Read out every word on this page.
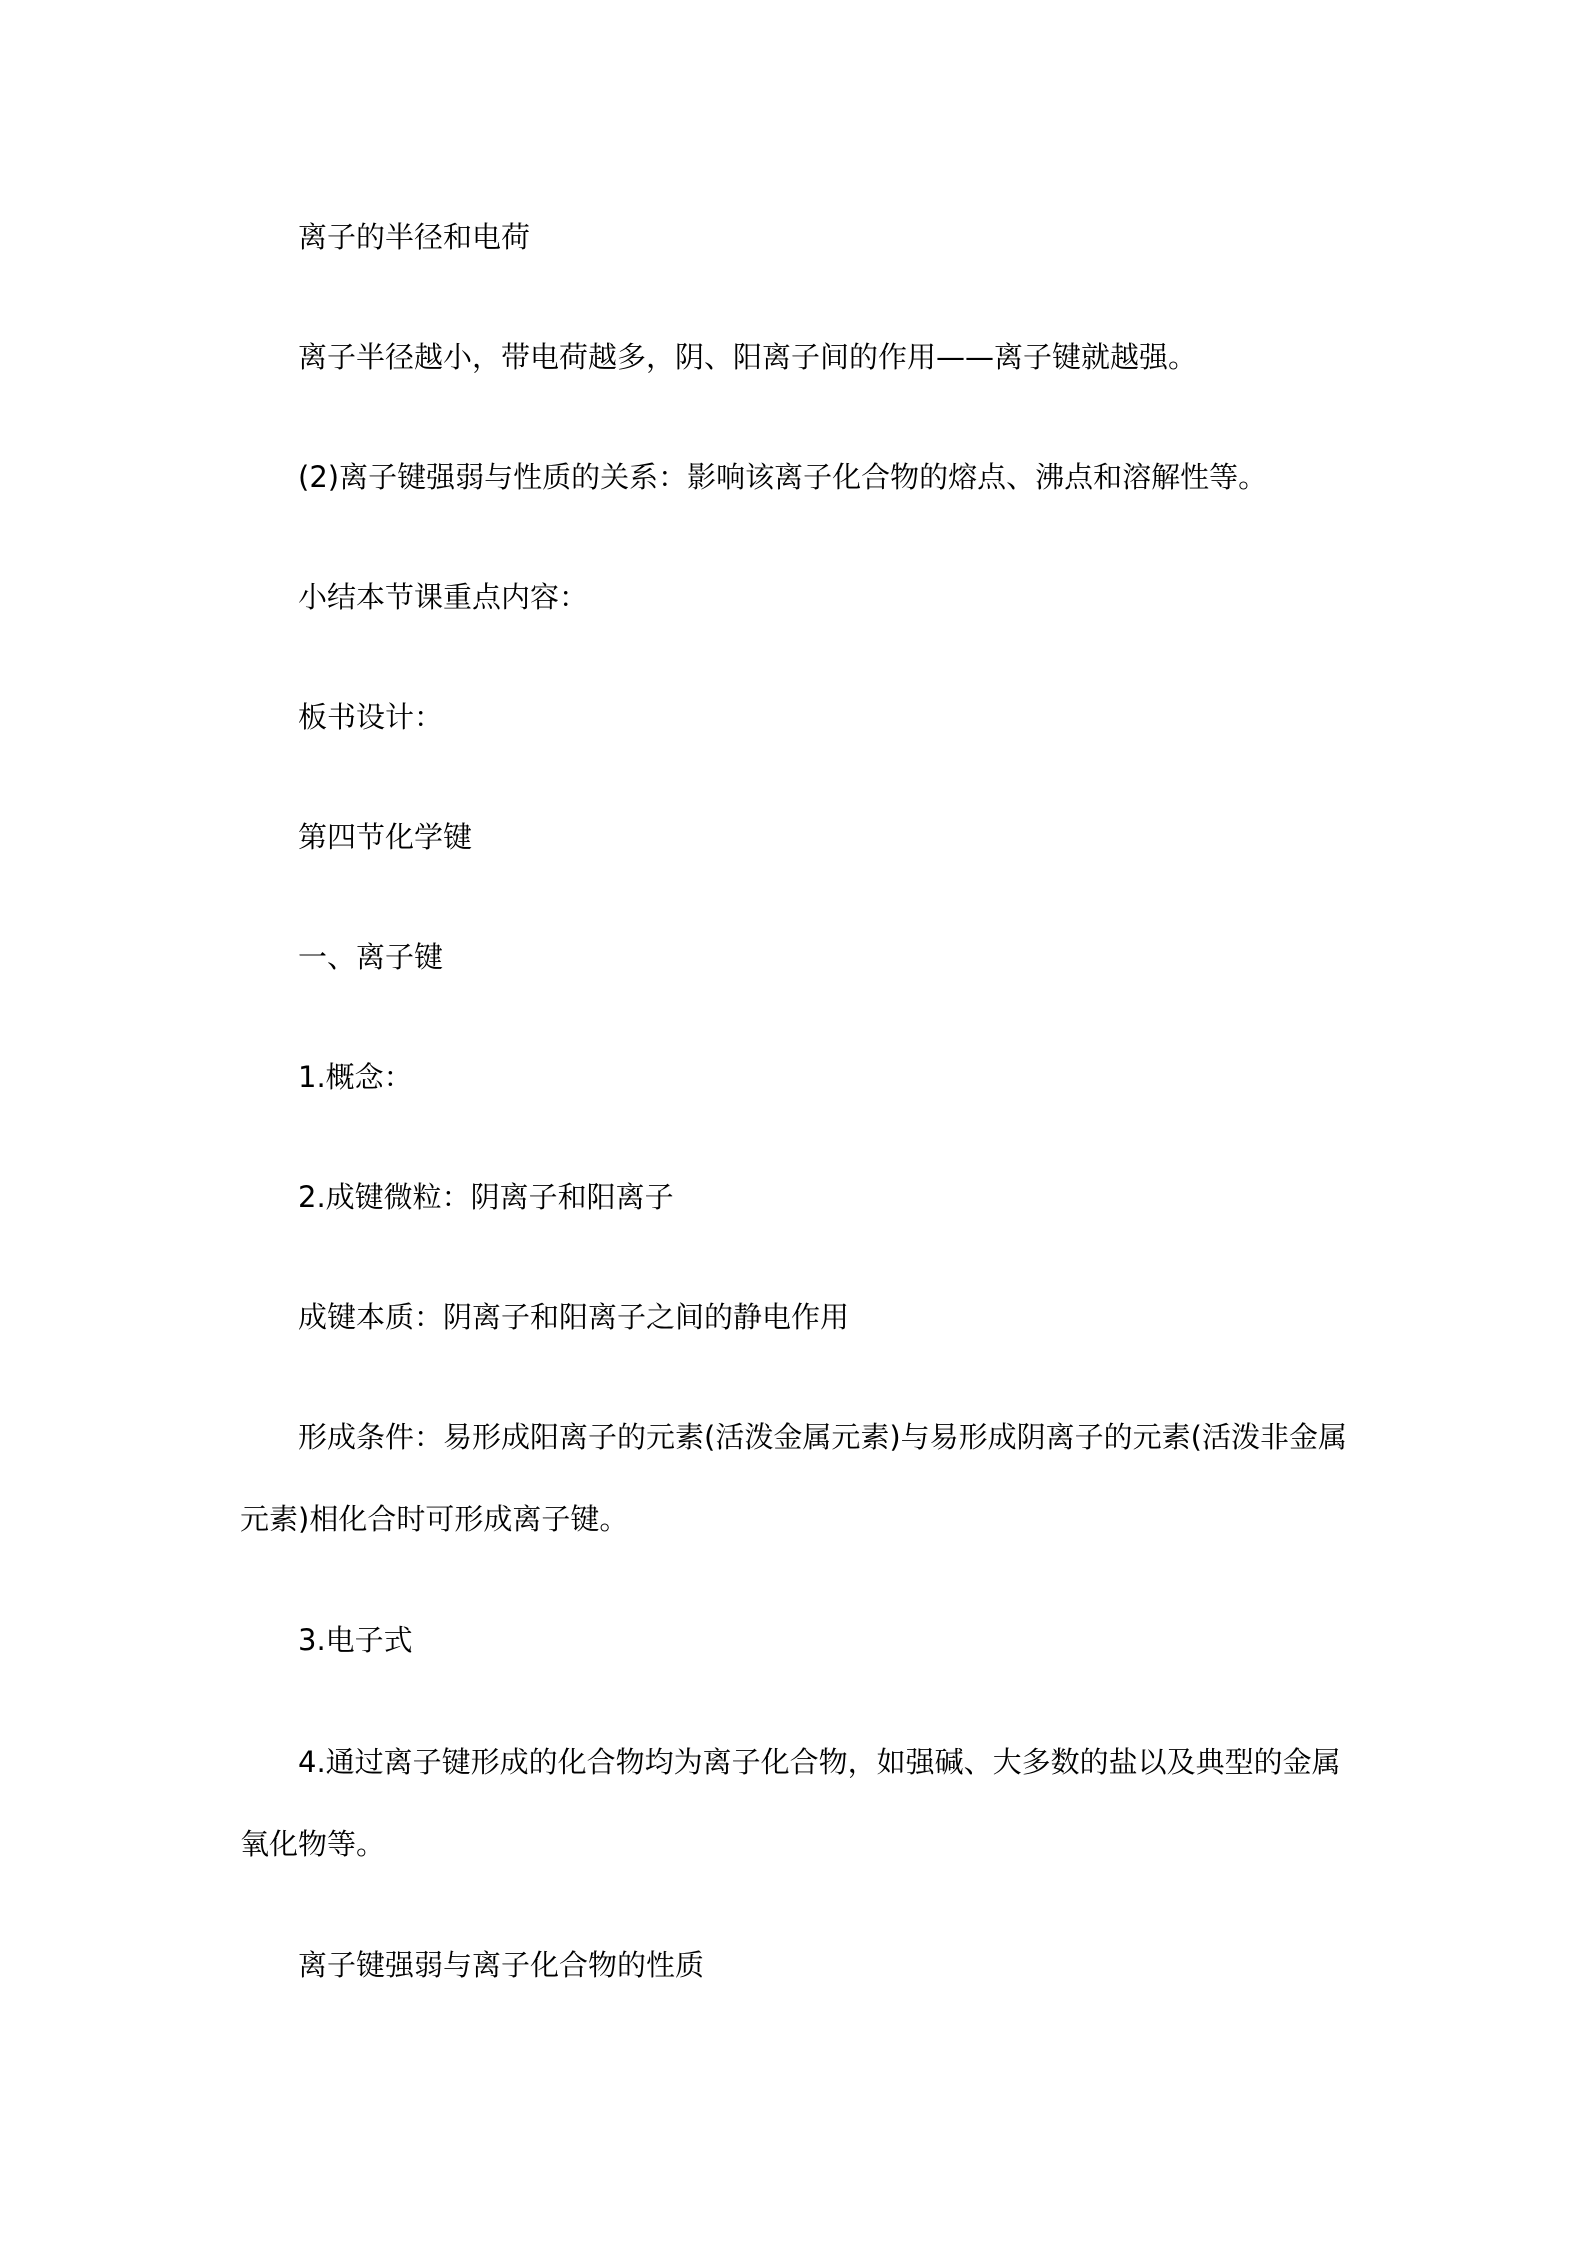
离子的半径和电荷

离子半径越小，带电荷越多，阴、阳离子间的作用——离子键就越强。

(2)离子键强弱与性质的关系：影响该离子化合物的熔点、沸点和溶解性等。

小结本节课重点内容：

板书设计：

第四节化学键

一、离子键

1.概念：

2.成键微粒：阴离子和阳离子

成键本质：阴离子和阳离子之间的静电作用

形成条件：易形成阳离子的元素(活泼金属元素)与易形成阴离子的元素(活泼非金属元素)相化合时可形成离子键。

3.电子式

4.通过离子键形成的化合物均为离子化合物，如强碱、大多数的盐以及典型的金属氧化物等。

离子键强弱与离子化合物的性质
